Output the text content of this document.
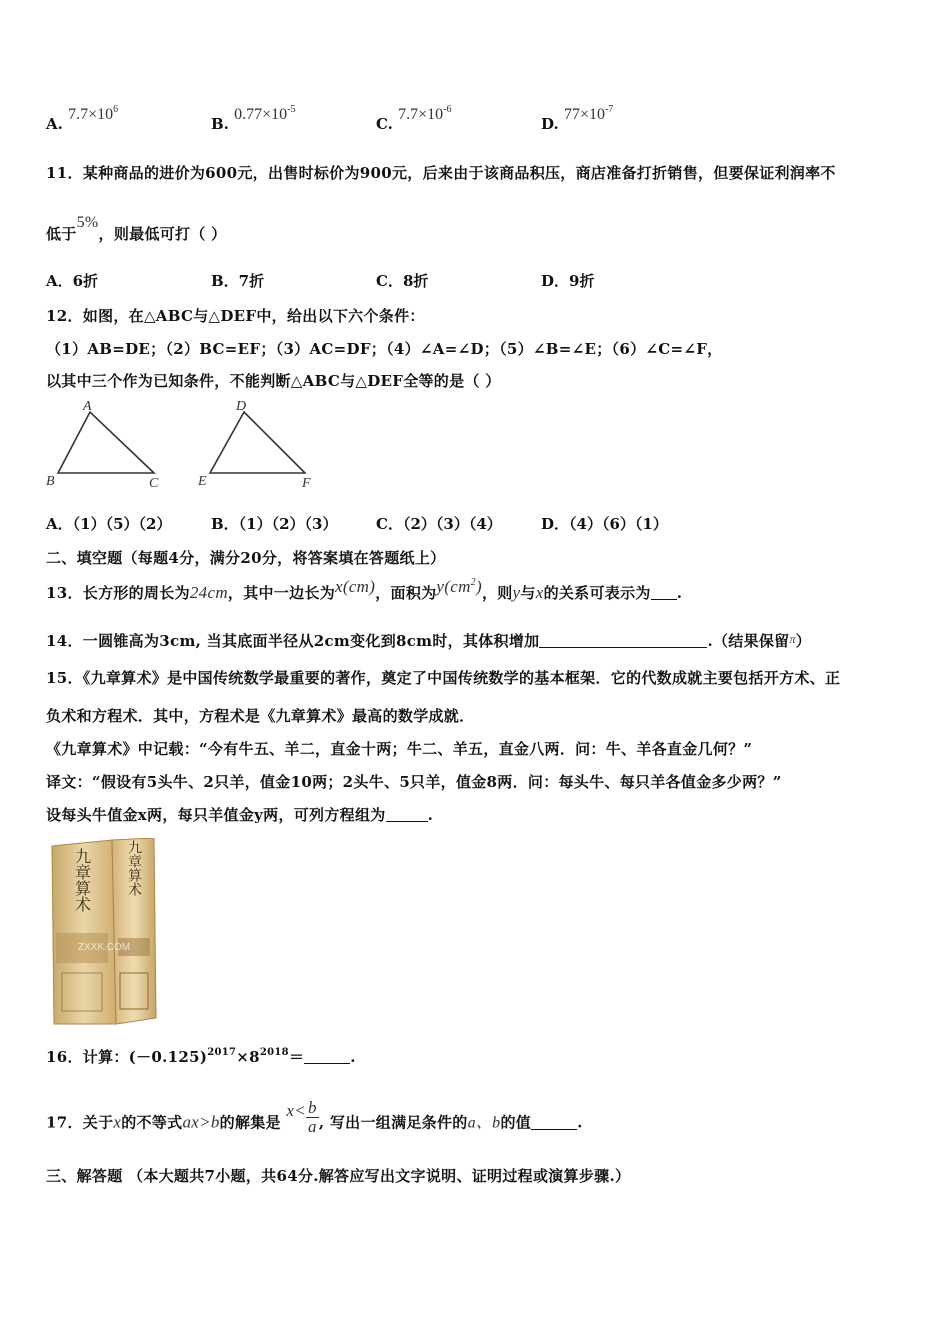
A. $7.7\times 10^6$
B. $0.77\times 10^{-5}$
C. $7.7\times 10^{-6}$
D. $77\times 10^{-7}$
11．某种商品的进价为600元，出售时标价为900元，后来由于该商品积压，商店准备打折销售，但要保证利润率不
低于5%，则最低可打（ ）
A．6折	B．7折	C．8折	D．9折
12．如图，在△ABC与△DEF中，给出以下六个条件：
（1）AB=DE；（2）BC=EF；（3）AC=DF；（4）∠A=∠D；（5）∠B=∠E；（6）∠C=∠F，
以其中三个作为已知条件，不能判断△ABC与△DEF全等的是（ ）
A
B	C
D
E	F
A．（1）（5）（2）	B．（1）（2）（3）	C．（2）（3）（4）	D．（4）（6）（1）
二、填空题（每题4分，满分20分，将答案填在答题纸上）
13．长方形的周长为24cm，其中一边长为x(cm)，面积为$y(cm^2)$，则y与x的关系可表示为 .
14．一圆锥高为3cm, 当其底面半径从2cm变化到8cm时，其体积增加	.（结果保留$^\pi$）
15．《九章算术》是中国传统数学最重要的著作，奠定了中国传统数学的基本框架．它的代数成就主要包括开方术、正
负术和方程术．其中，方程术是《九章算术》最高的数学成就．
《九章算术》中记载：“今有牛五、羊二，直金十两；牛二、羊五，直金八两．问：牛、羊各直金几何？”
译文：“假设有5头牛、2只羊，值金10两；2头牛、5只羊，值金8两．问：每头牛、每只羊各值金多少两？”
设每头牛值金x两，每只羊值金y两，可列方程组为	.
九章算术 九章算术
ZXXK.COM
16．计算：$(-0.125)^{2017}\times 8^{2018}=$	.
17．关于x的不等式ax>b的解集是 $x< \frac{b}{a}$ , 写出一组满足条件的a、b的值	.
三、解答题 （本大题共7小题，共64分.解答应写出文字说明、证明过程或演算步骤.）
